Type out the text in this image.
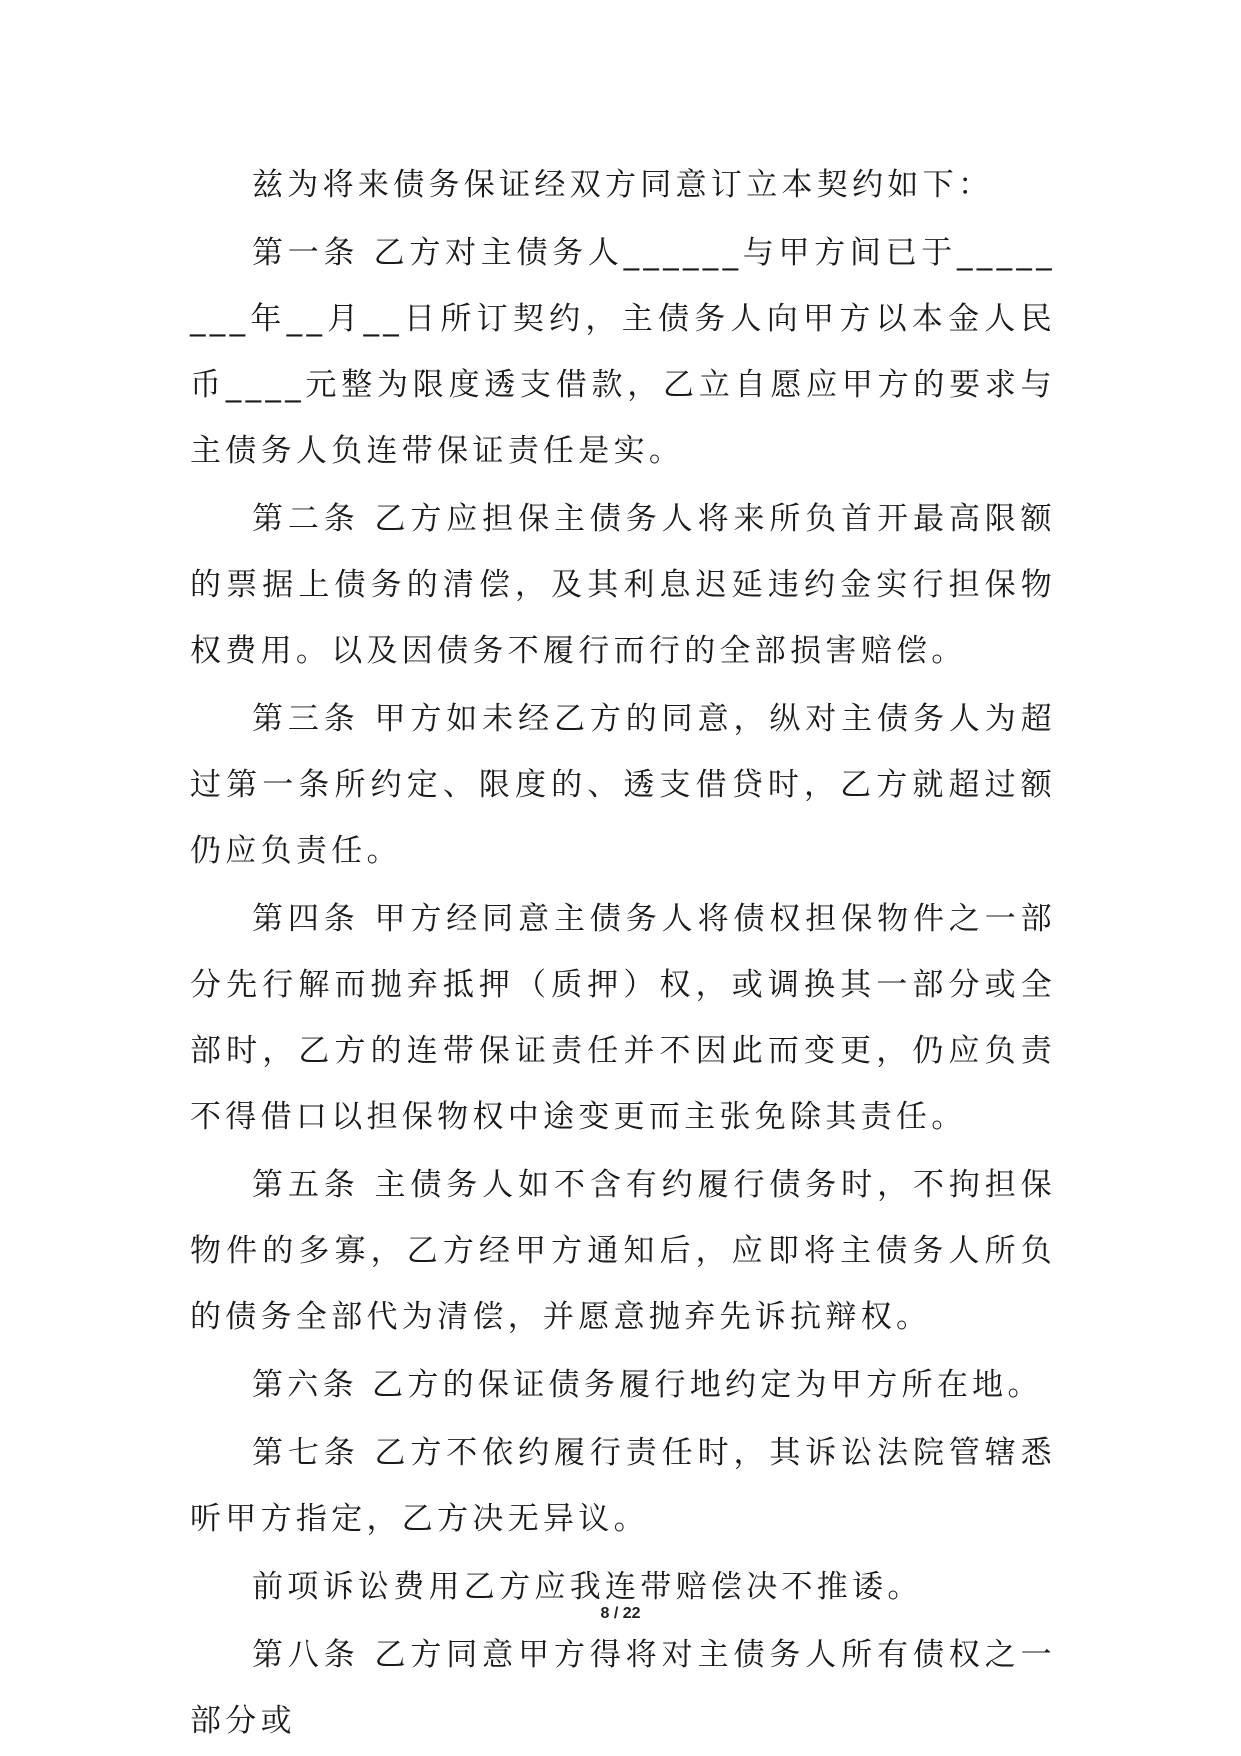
兹为将来债务保证经双方同意订立本契约如下：

第一条 乙方对主债务人______与甲方间已于________年__月__日所订契约，主债务人向甲方以本金人民币____元整为限度透支借款，乙立自愿应甲方的要求与主债务人负连带保证责任是实。

第二条 乙方应担保主债务人将来所负首开最高限额的票据上债务的清偿，及其利息迟延违约金实行担保物权费用。以及因债务不履行而行的全部损害赔偿。

第三条 甲方如未经乙方的同意，纵对主债务人为超过第一条所约定、限度的、透支借贷时，乙方就超过额仍应负责任。

第四条 甲方经同意主债务人将债权担保物件之一部分先行解而抛弃抵押（质押）权，或调换其一部分或全部时，乙方的连带保证责任并不因此而变更，仍应负责不得借口以担保物权中途变更而主张免除其责任。

第五条 主债务人如不含有约履行债务时，不拘担保物件的多寡，乙方经甲方通知后，应即将主债务人所负的债务全部代为清偿，并愿意抛弃先诉抗辩权。

第六条 乙方的保证债务履行地约定为甲方所在地。

第七条 乙方不依约履行责任时，其诉讼法院管辖悉听甲方指定，乙方决无异议。

前项诉讼费用乙方应我连带赔偿决不推诿。

第八条 乙方同意甲方得将对主债务人所有债权之一部分或

8 / 22
